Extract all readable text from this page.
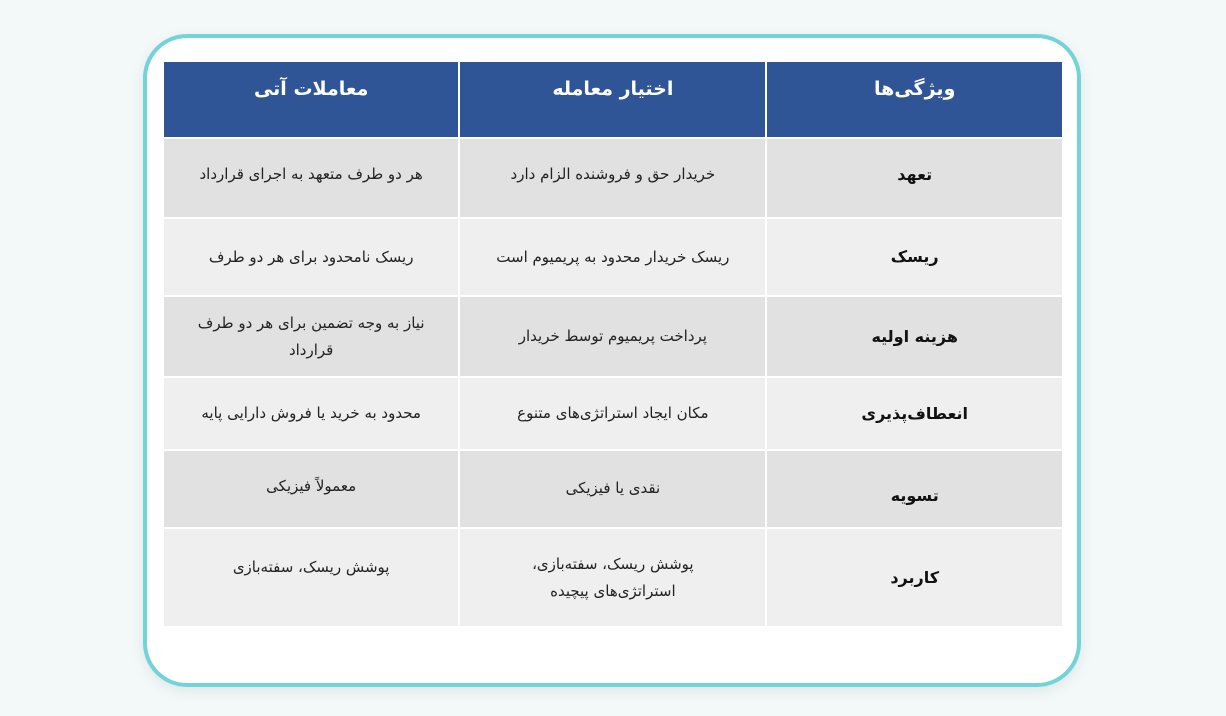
ویژگی‌ها	اختیار معامله	معاملات آتی
تعهد	خریدار حق و فروشنده الزام دارد	هر دو طرف متعهد به اجرای قرارداد
ریسک	ریسک خریدار محدود به پریمیوم است	ریسک نامحدود برای هر دو طرف
هزینه اولیه	پرداخت پریمیوم توسط خریدار	نیاز به وجه تضمین برای هر دو طرف قرارداد
انعطاف‌پذیری	مکان ایجاد استراتژی‌های متنوع	محدود به خرید یا فروش دارایی پایه
تسویه	نقدی یا فیزیکی	معمولاً فیزیکی
کاربرد	پوشش ریسک، سفته‌بازی، استراتژی‌های پیچیده	پوشش ریسک، سفته‌بازی
